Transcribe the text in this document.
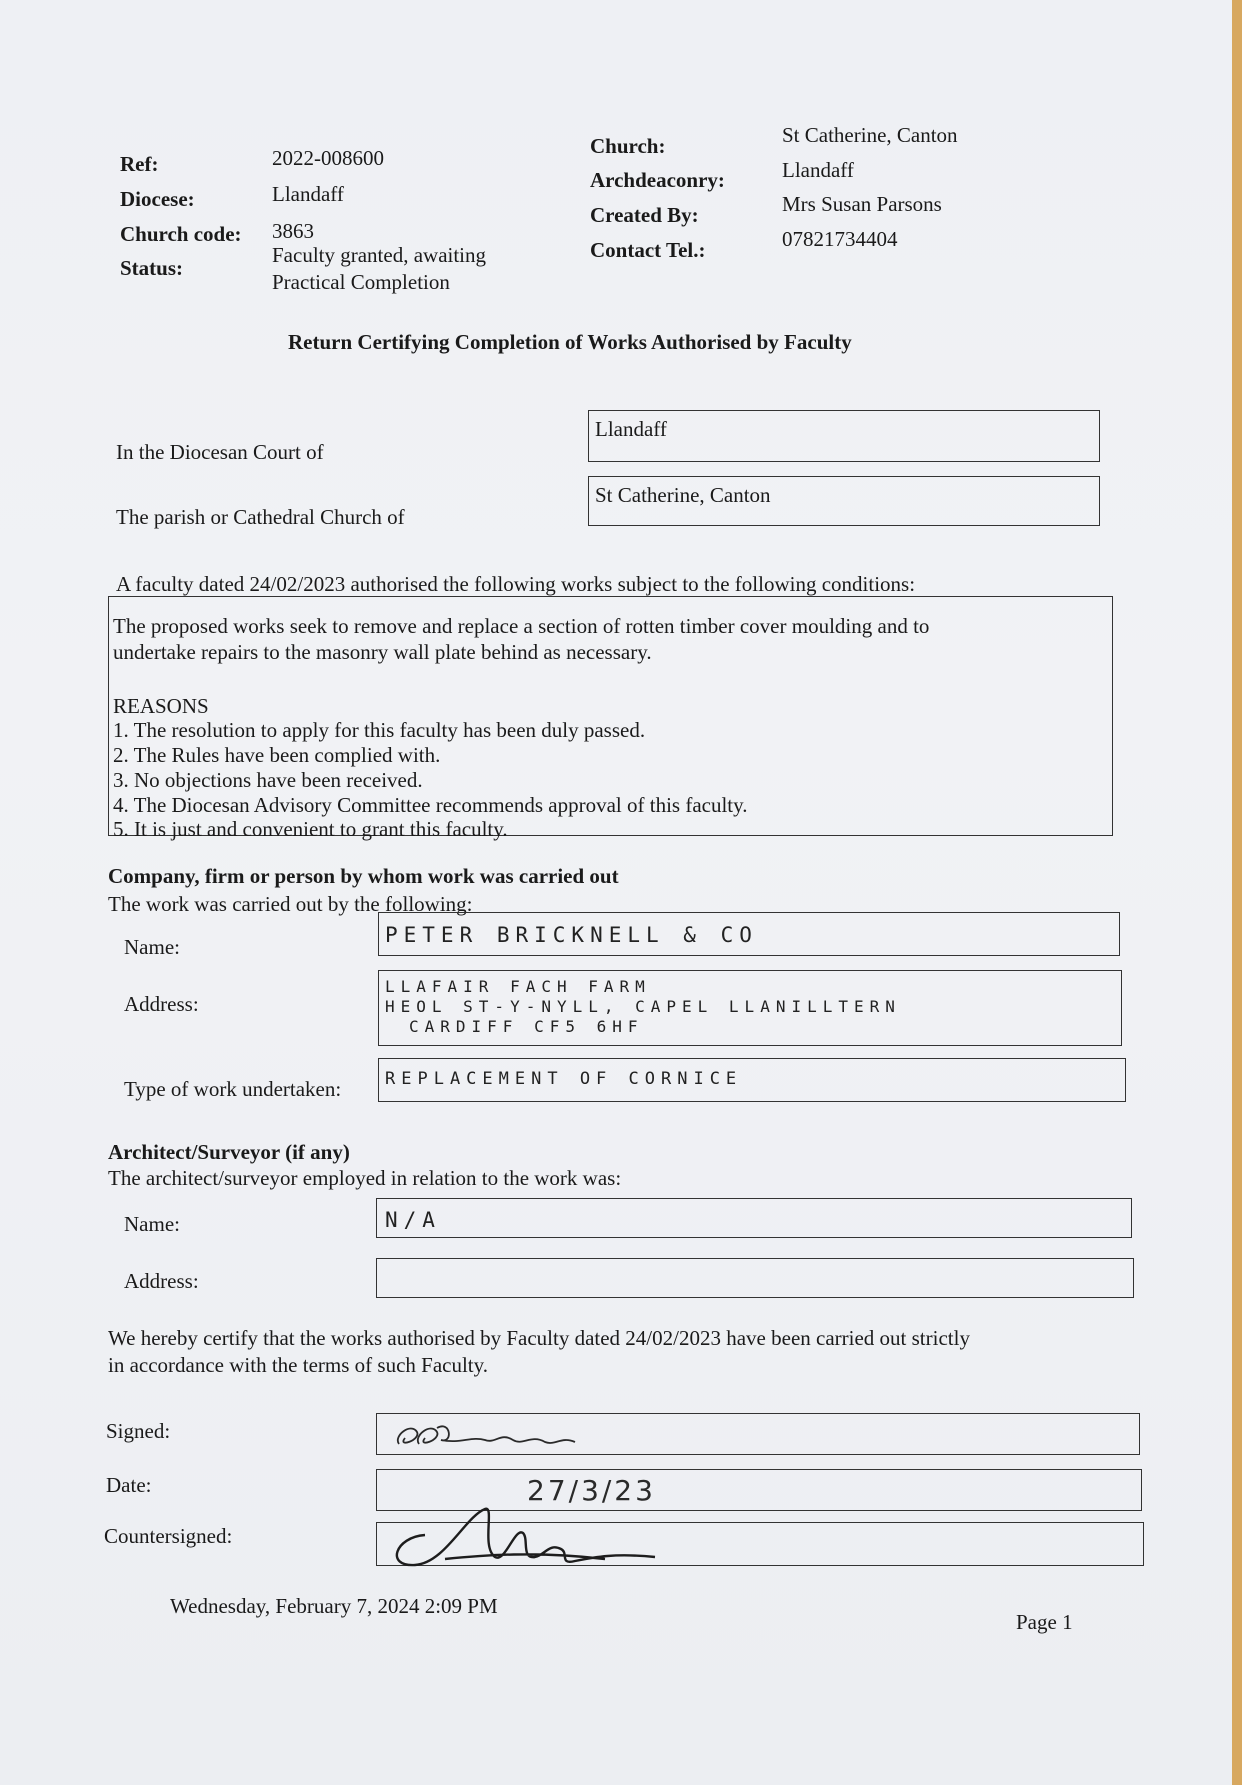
Ref:	2022-008600
Diocese:	Llandaff
Church code: 3863
Status:
Faculty granted, awaiting
Practical Completion
Church:	St Catherine, Canton
Archdeaconry:	Llandaff
Created By:	Mrs Susan Parsons
Contact Tel.:	07821734404
Return Certifying Completion of Works Authorised by Faculty
In the Diocesan Court of
Llandaff
The parish or Cathedral Church of
St Catherine, Canton
A faculty dated 24/02/2023 authorised the following works subject to the following conditions:
The proposed works seek to remove and replace a section of rotten timber cover moulding and to
undertake repairs to the masonry wall plate behind as necessary.
REASONS
1. The resolution to apply for this faculty has been duly passed.
2. The Rules have been complied with.
3. No objections have been received.
4. The Diocesan Advisory Committee recommends approval of this faculty.
5. It is just and convenient to grant this faculty.
Company, firm or person by whom work was carried out
The work was carried out by the following:
Name:	PETER BRICKNELL & CO
Address:
LLAFAIR FACH FARM
HEOL ST-Y-NYLL, CAPEL LLANILLTERN
CARDIFF CF5 6HF
Type of work undertaken:	REPLACEMENT OF CORNICE
Architect/Surveyor (if any)
The architect/surveyor employed in relation to the work was:
Name:	N/A
Address:
We hereby certify that the works authorised by Faculty dated 24/02/2023 have been carried out strictly
in accordance with the terms of such Faculty.
Signed:
Date:	27/3/23
Countersigned:
Wednesday, February 7, 2024 2:09 PM
Page 1
